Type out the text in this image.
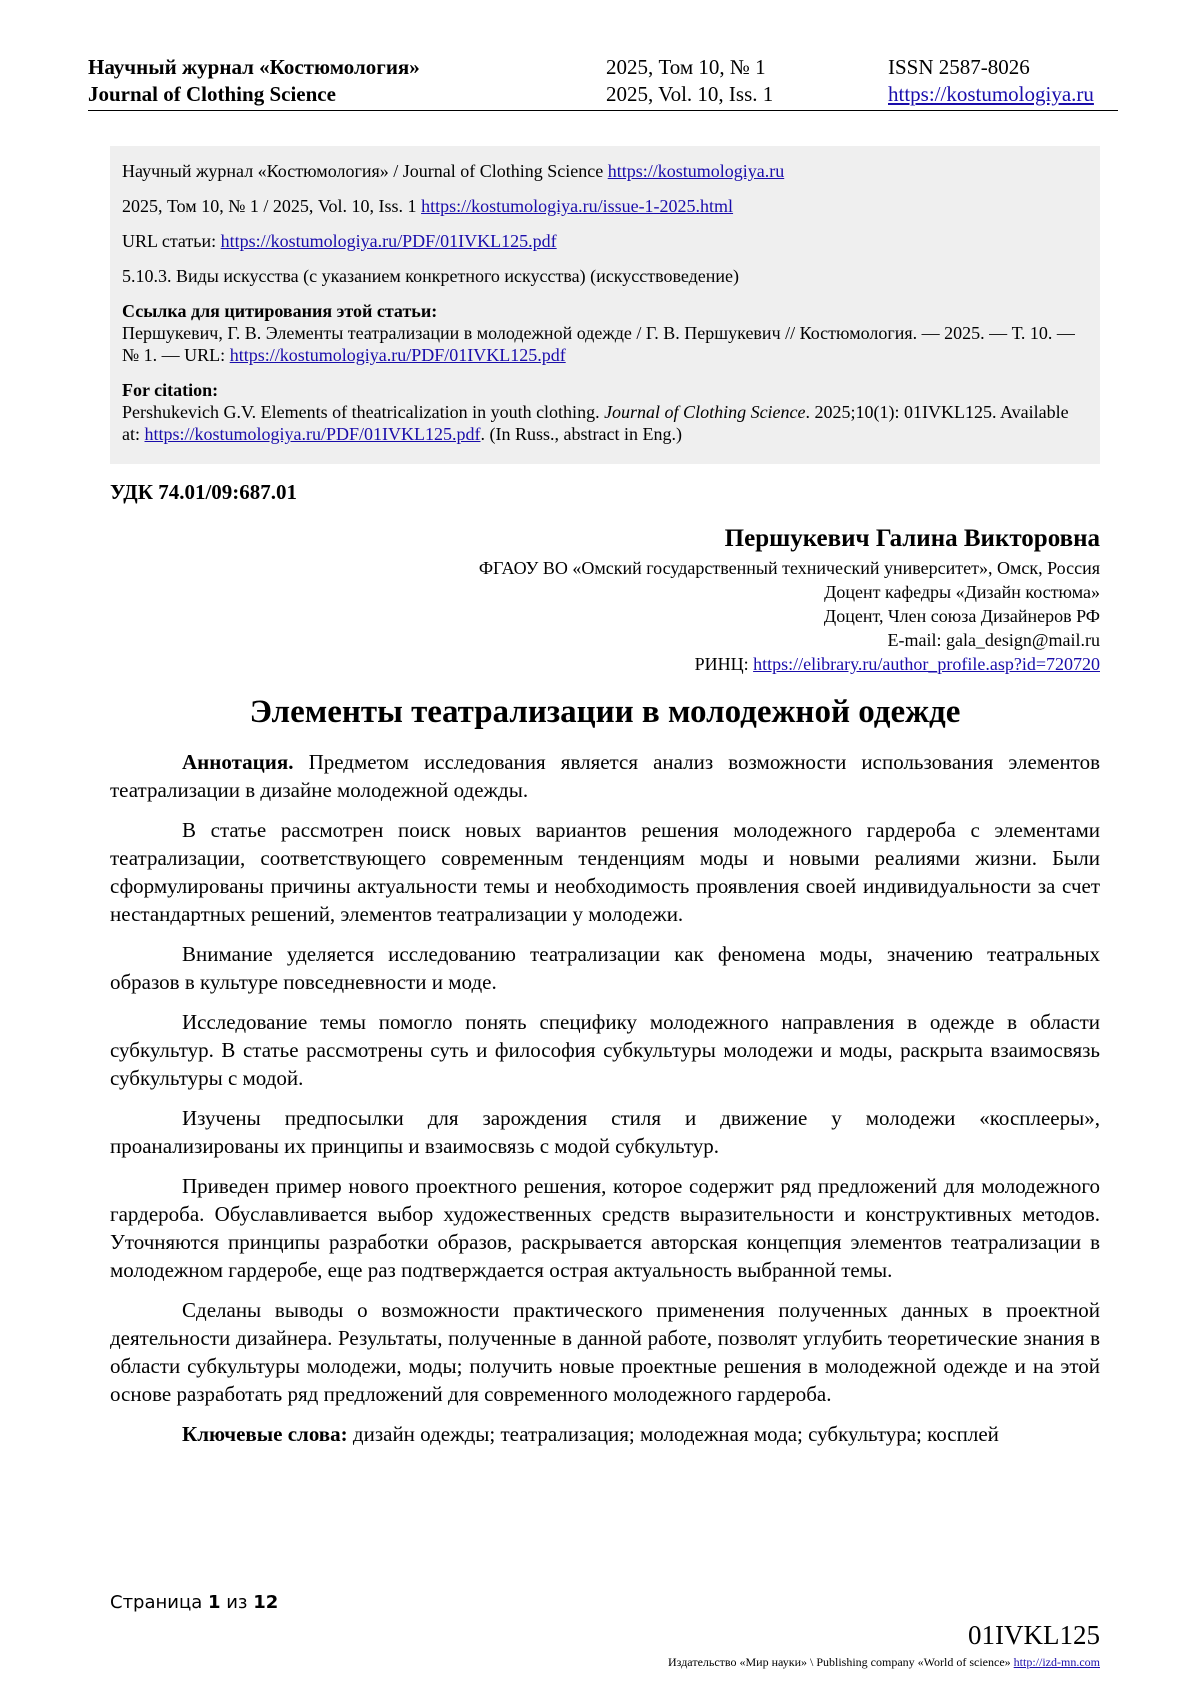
Научный журнал «Костюмология»
Journal of Clothing Science
2025, Том 10, № 1
2025, Vol. 10, Iss. 1
ISSN 2587-8026
https://kostumologiya.ru

Научный журнал «Костюмология» / Journal of Clothing Science https://kostumologiya.ru

2025, Том 10, № 1 / 2025, Vol. 10, Iss. 1 https://kostumologiya.ru/issue-1-2025.html

URL статьи: https://kostumologiya.ru/PDF/01IVKL125.pdf

5.10.3. Виды искусства (с указанием конкретного искусства) (искусствоведение)

Ссылка для цитирования этой статьи:
Першукевич, Г. В. Элементы театрализации в молодежной одежде / Г. В. Першукевич // Костюмология. — 2025. — Т. 10. — № 1. — URL: https://kostumologiya.ru/PDF/01IVKL125.pdf

For citation:
Pershukevich G.V. Elements of theatricalization in youth clothing. Journal of Clothing Science. 2025;10(1): 01IVKL125. Available at: https://kostumologiya.ru/PDF/01IVKL125.pdf. (In Russ., abstract in Eng.)

УДК 74.01/09:687.01
Першукевич Галина Викторовна
ФГАОУ ВО «Омский государственный технический университет», Омск, Россия
Доцент кафедры «Дизайн костюма»
Доцент, Член союза Дизайнеров РФ
E-mail: gala_design@mail.ru
РИНЦ: https://elibrary.ru/author_profile.asp?id=720720
Элементы театрализации в молодежной одежде

Аннотация. Предметом исследования является анализ возможности использования элементов театрализации в дизайне молодежной одежды.

В статье рассмотрен поиск новых вариантов решения молодежного гардероба с элементами театрализации, соответствующего современным тенденциям моды и новыми реалиями жизни. Были сформулированы причины актуальности темы и необходимость проявления своей индивидуальности за счет нестандартных решений, элементов театрализации у молодежи.

Внимание уделяется исследованию театрализации как феномена моды, значению театральных образов в культуре повседневности и моде.

Исследование темы помогло понять специфику молодежного направления в одежде в области субкультур. В статье рассмотрены суть и философия субкультуры молодежи и моды, раскрыта взаимосвязь субкультуры с модой.

Изучены предпосылки для зарождения стиля и движение у молодежи «косплееры», проанализированы их принципы и взаимосвязь с модой субкультур.

Приведен пример нового проектного решения, которое содержит ряд предложений для молодежного гардероба. Обуславливается выбор художественных средств выразительности и конструктивных методов. Уточняются принципы разработки образов, раскрывается авторская концепция элементов театрализации в молодежном гардеробе, еще раз подтверждается острая актуальность выбранной темы.

Сделаны выводы о возможности практического применения полученных данных в проектной деятельности дизайнера. Результаты, полученные в данной работе, позволят углубить теоретические знания в области субкультуры молодежи, моды; получить новые проектные решения в молодежной одежде и на этой основе разработать ряд предложений для современного молодежного гардероба.

Ключевые слова: дизайн одежды; театрализация; молодежная мода; субкультура; косплей

Страница 1 из 12
01IVKL125
Издательство «Мир науки» \ Publishing company «World of science» http://izd-mn.com
